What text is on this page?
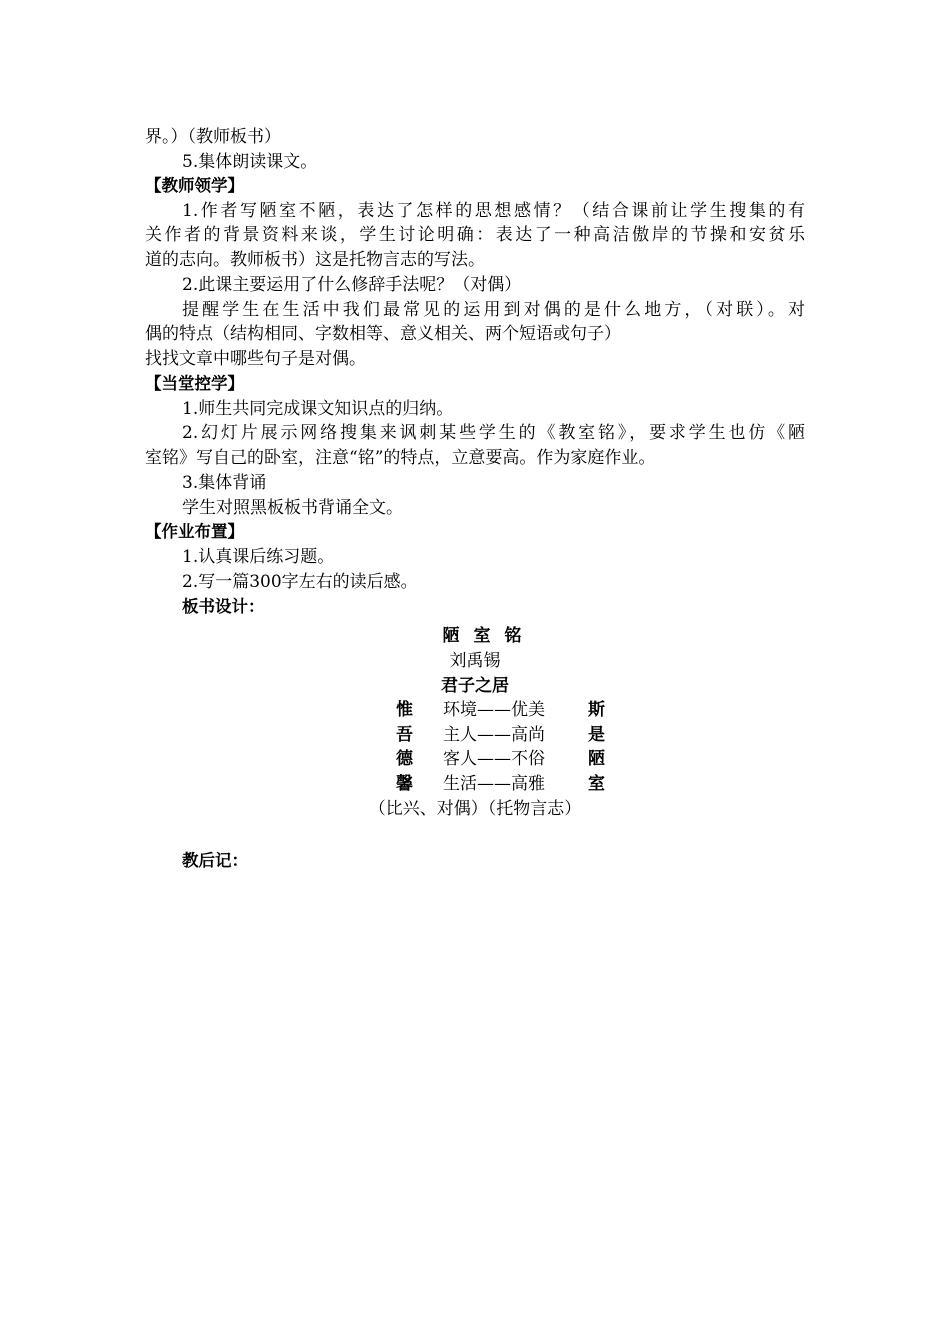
界。）（教师板书）
5.集体朗读课文。
【教师领学】
1.作者写陋室不陋，表达了怎样的思想感情？（结合课前让学生搜集的有
关作者的背景资料来谈，学生讨论明确：表达了一种高洁傲岸的节操和安贫乐
道的志向。教师板书）这是托物言志的写法。
2.此课主要运用了什么修辞手法呢？（对偶）
提醒学生在生活中我们最常见的运用到对偶的是什么地方，（对联）。对
偶的特点（结构相同、字数相等、意义相关、两个短语或句子）
找找文章中哪些句子是对偶。
【当堂控学】
1.师生共同完成课文知识点的归纳。
2.幻灯片展示网络搜集来讽刺某些学生的《教室铭》，要求学生也仿《陋
室铭》写自己的卧室，注意“铭”的特点，立意要高。作为家庭作业。
3.集体背诵
学生对照黑板板书背诵全文。
【作业布置】
1.认真课后练习题。
2.写一篇300字左右的读后感。
板书设计：
陋室铭
刘禹锡
君子之居
惟 环境——优美	斯
吾 主人——高尚	是
德 客人——不俗	陋
馨 生活——高雅	室
（比兴、对偶）（托物言志）
教后记：
